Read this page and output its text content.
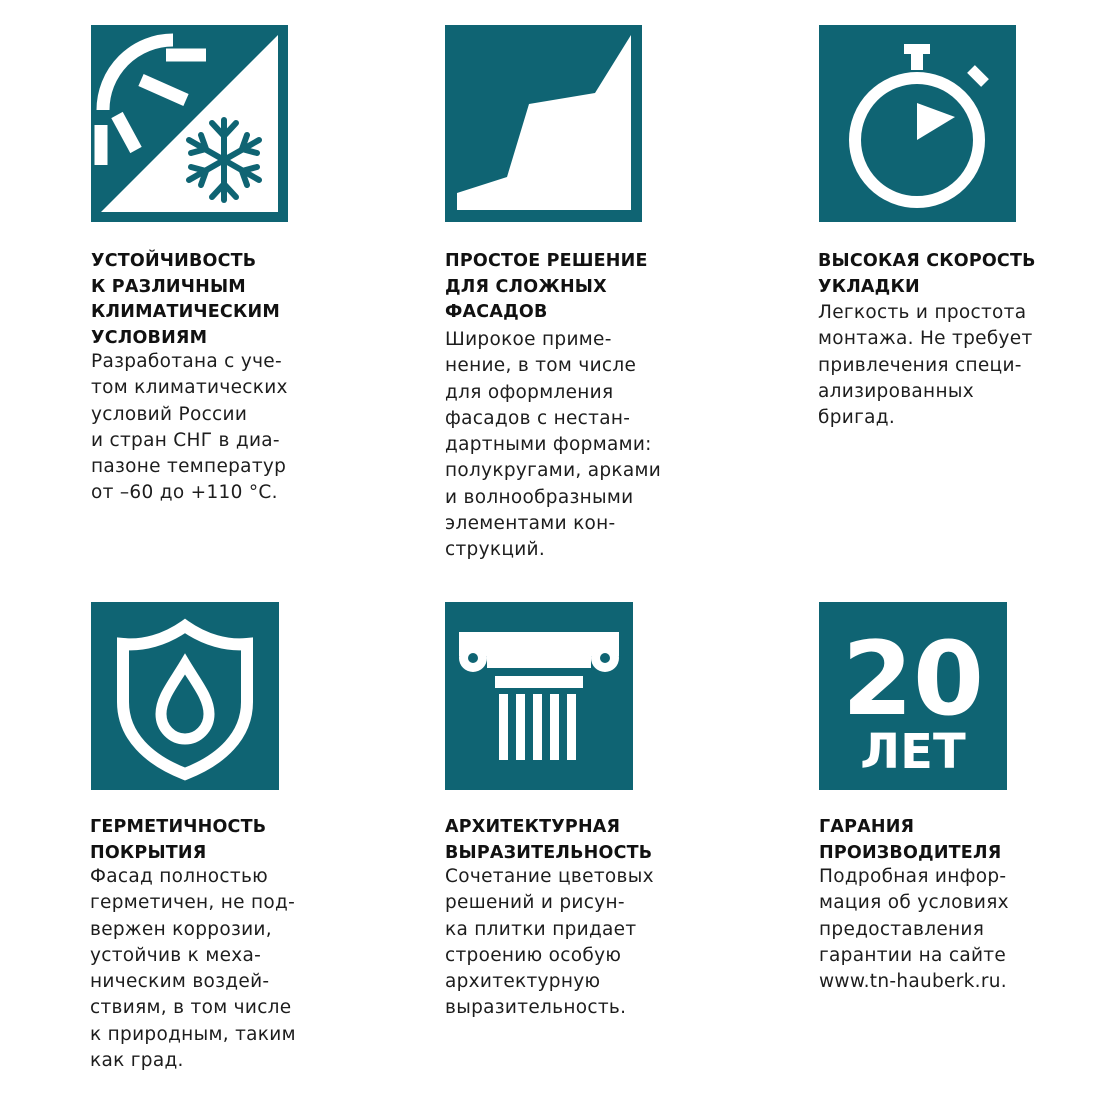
УСТОЙЧИВОСТЬ
К РАЗЛИЧНЫМ
КЛИМАТИЧЕСКИМ
УСЛОВИЯМ

Разработана с уче-
том климатических
условий России
и стран СНГ в диа-
пазоне температур
от –60 до +110 °С.

ПРОСТОЕ РЕШЕНИЕ
ДЛЯ СЛОЖНЫХ
ФАСАДОВ

Широкое приме-
нение, в том числе
для оформления
фасадов с нестан-
дартными формами:
полукругами, арками
и волнообразными
элементами кон-
струкций.

ВЫСОКАЯ СКОРОСТЬ
УКЛАДКИ

Легкость и простота
монтажа. Не требует
привлечения специ-
ализированных
бригад.

ГЕРМЕТИЧНОСТЬ
ПОКРЫТИЯ

Фасад полностью
герметичен, не под-
вержен коррозии,
устойчив к меха-
ническим воздей-
ствиям, в том числе
к природным, таким
как град.

АРХИТЕКТУРНАЯ
ВЫРАЗИТЕЛЬНОСТЬ

Сочетание цветовых
решений и рисун-
ка плитки придает
строению особую
архитектурную
выразительность.

20
ЛЕТ

ГАРАНИЯ
ПРОИЗВОДИТЕЛЯ

Подробная инфор-
мация об условиях
предоставления
гарантии на сайте
www.tn-hauberk.ru.
